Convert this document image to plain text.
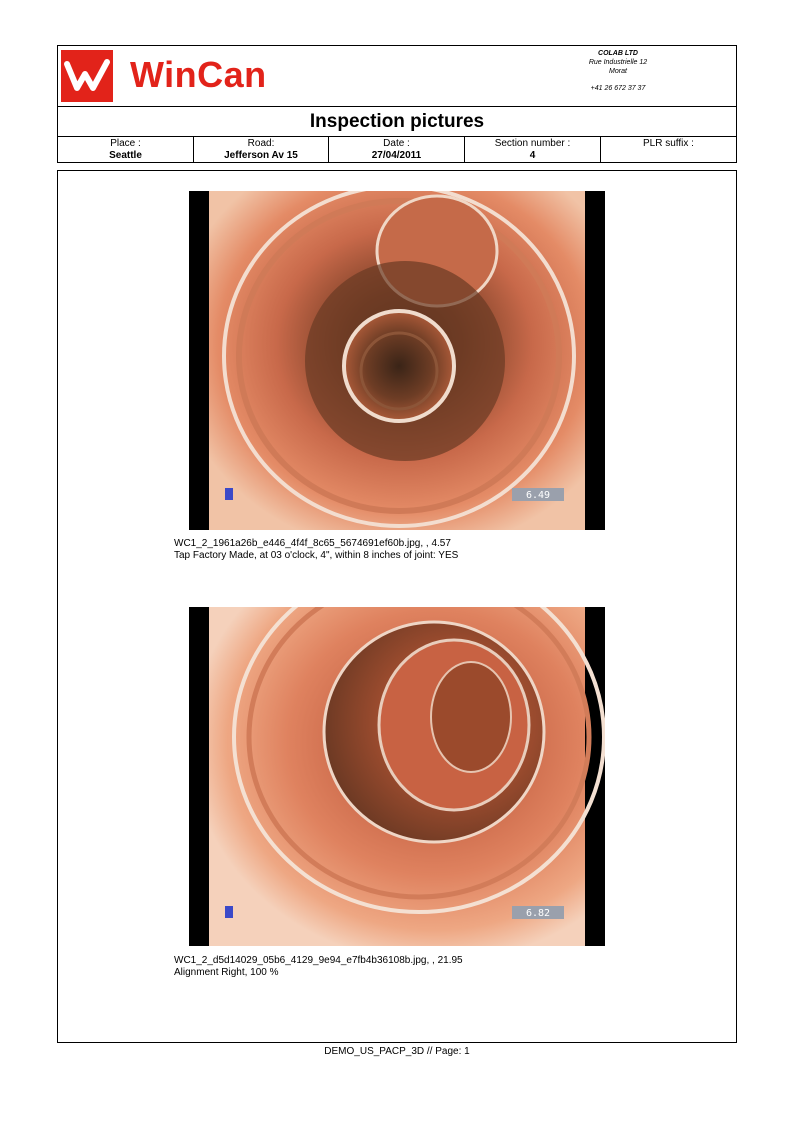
WinCan
COLAB LTD
Rue Industrielle 12
Morat
+41 26 672 37 37
Inspection pictures
Place :
Seattle
Road:
Jefferson Av 15
Date :
27/04/2011
Section number :
4
PLR suffix :
6.49
WC1_2_1961a26b_e446_4f4f_8c65_5674691ef60b.jpg, , 4.57
Tap Factory Made, at 03 o'clock, 4", within 8 inches of joint: YES
6.82
WC1_2_d5d14029_05b6_4129_9e94_e7fb4b36108b.jpg, , 21.95
Alignment Right, 100 %
DEMO_US_PACP_3D // Page: 1
